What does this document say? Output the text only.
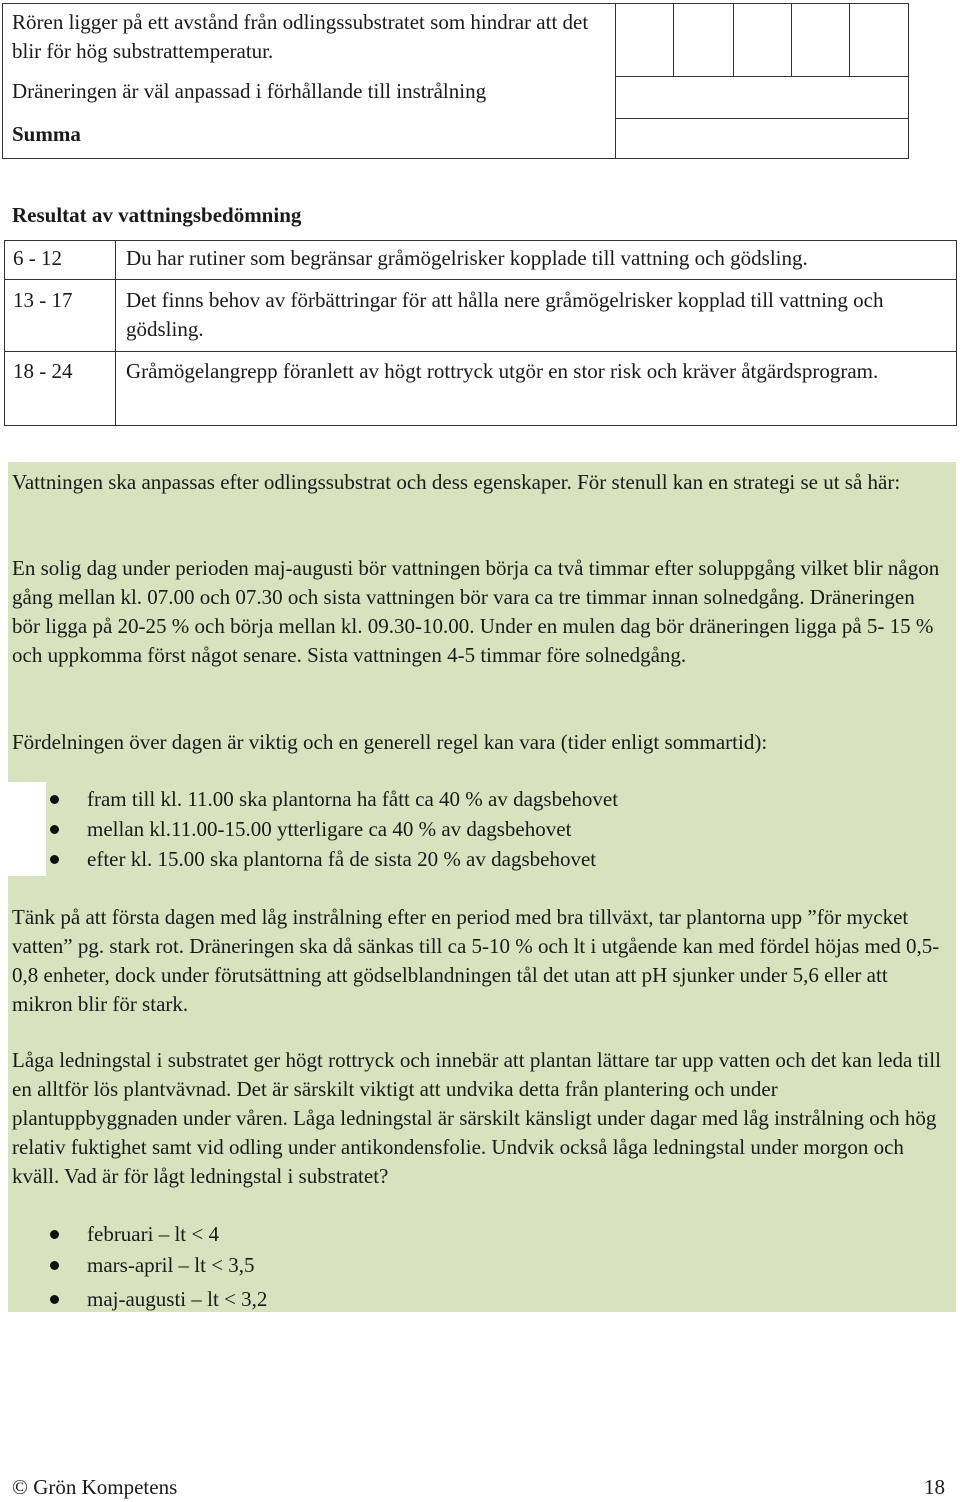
Rören ligger på ett avstånd från odlingssubstratet som hindrar att det blir för hög substrattemperatur.
Dräneringen är väl anpassad i förhållande till instrålning
Summa
Resultat av vattningsbedömning
6 - 12	Du har rutiner som begränsar gråmögelrisker kopplade till vattning och gödsling.
13 - 17	Det finns behov av förbättringar för att hålla nere gråmögelrisker kopplad till vattning och gödsling.
18 - 24	Gråmögelangrepp föranlett av högt rottryck utgör en stor risk och kräver åtgärdsprogram.
Vattningen ska anpassas efter odlingssubstrat och dess egenskaper. För stenull kan en strategi se ut så här:
En solig dag under perioden maj-augusti bör vattningen börja ca två timmar efter soluppgång vilket blir någon gång mellan kl. 07.00 och 07.30 och sista vattningen bör vara ca tre timmar innan solnedgång. Dräneringen bör ligga på 20-25 % och börja mellan kl. 09.30-10.00. Under en mulen dag bör dräneringen ligga på 5- 15 % och uppkomma först något senare. Sista vattningen 4-5 timmar före solnedgång.
Fördelningen över dagen är viktig och en generell regel kan vara (tider enligt sommartid):
fram till kl. 11.00 ska plantorna ha fått ca 40 % av dagsbehovet
mellan kl.11.00-15.00 ytterligare ca 40 % av dagsbehovet
efter kl. 15.00 ska plantorna få de sista 20 % av dagsbehovet
Tänk på att första dagen med låg instrålning efter en period med bra tillväxt, tar plantorna upp ”för mycket vatten” pg. stark rot. Dräneringen ska då sänkas till ca 5-10 % och lt i utgående kan med fördel höjas med 0,5-0,8 enheter, dock under förutsättning att gödselblandningen tål det utan att pH sjunker under 5,6 eller att mikron blir för stark.
Låga ledningstal i substratet ger högt rottryck och innebär att plantan lättare tar upp vatten och det kan leda till en alltför lös plantvävnad. Det är särskilt viktigt att undvika detta från plantering och under plantuppbyggnaden under våren. Låga ledningstal är särskilt känsligt under dagar med låg instrålning och hög relativ fuktighet samt vid odling under antikondensfolie. Undvik också låga ledningstal under morgon och kväll. Vad är för lågt ledningstal i substratet?
februari – lt < 4
mars-april – lt < 3,5
maj-augusti – lt < 3,2
© Grön Kompetens	18
